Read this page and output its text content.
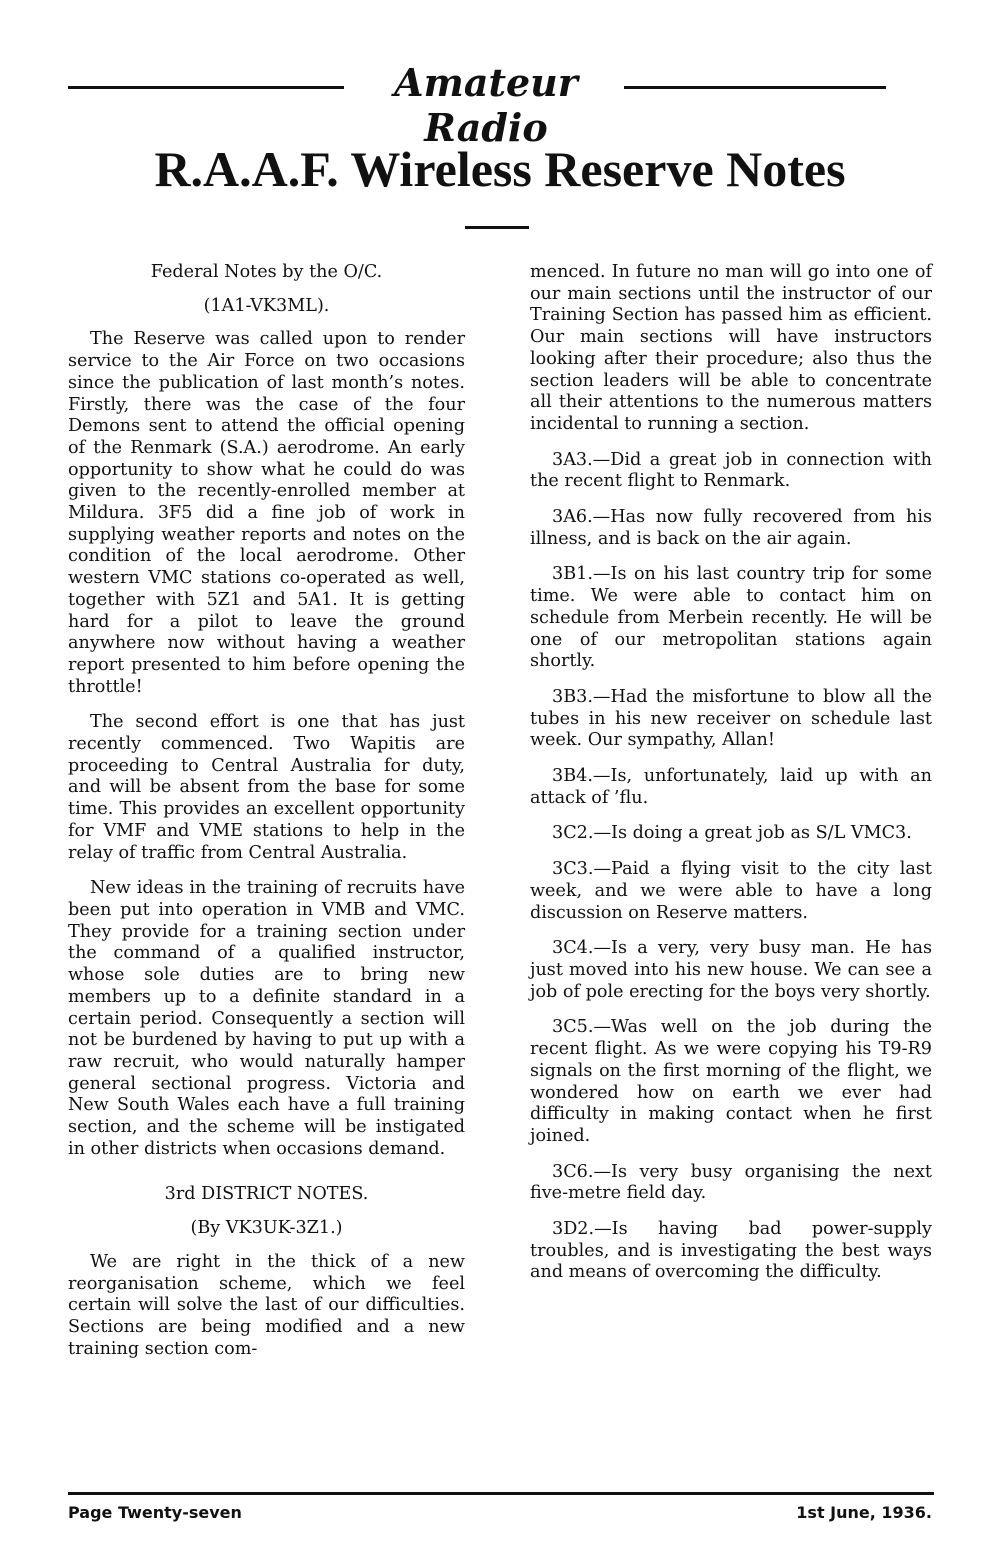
Amateur Radio
R.A.A.F. Wireless Reserve Notes

Federal Notes by the O/C.

(1A1-VK3ML).

The Reserve was called upon to render service to the Air Force on two occasions since the publication of last month’s notes. Firstly, there was the case of the four Demons sent to attend the official opening of the Renmark (S.A.) aerodrome. An early opportunity to show what he could do was given to the recently-enrolled member at Mildura. 3F5 did a fine job of work in supplying weather reports and notes on the condition of the local aerodrome. Other western VMC stations co-operated as well, together with 5Z1 and 5A1. It is getting hard for a pilot to leave the ground anywhere now without having a weather report presented to him before opening the throttle!

The second effort is one that has just recently commenced. Two Wapitis are proceeding to Central Australia for duty, and will be absent from the base for some time. This provides an excellent opportunity for VMF and VME stations to help in the relay of traffic from Central Australia.

New ideas in the training of recruits have been put into operation in VMB and VMC. They provide for a training section under the command of a qualified instructor, whose sole duties are to bring new members up to a definite standard in a certain period. Consequently a section will not be burdened by having to put up with a raw recruit, who would naturally hamper general sectional progress. Victoria and New South Wales each have a full training section, and the scheme will be instigated in other districts when occasions demand.

3rd DISTRICT NOTES.

(By VK3UK-3Z1.)

We are right in the thick of a new reorganisation scheme, which we feel certain will solve the last of our difficulties. Sections are being modified and a new training section com-

menced. In future no man will go into one of our main sections until the instructor of our Training Section has passed him as efficient. Our main sections will have instructors looking after their procedure; also thus the section leaders will be able to concentrate all their attentions to the numerous matters incidental to running a section.

3A3.—Did a great job in connection with the recent flight to Renmark.

3A6.—Has now fully recovered from his illness, and is back on the air again.

3B1.—Is on his last country trip for some time. We were able to contact him on schedule from Merbein recently. He will be one of our metropolitan stations again shortly.

3B3.—Had the misfortune to blow all the tubes in his new receiver on schedule last week. Our sympathy, Allan!

3B4.—Is, unfortunately, laid up with an attack of ’flu.

3C2.—Is doing a great job as S/L VMC3.

3C3.—Paid a flying visit to the city last week, and we were able to have a long discussion on Reserve matters.

3C4.—Is a very, very busy man. He has just moved into his new house. We can see a job of pole erecting for the boys very shortly.

3C5.—Was well on the job during the recent flight. As we were copying his T9-R9 signals on the first morning of the flight, we wondered how on earth we ever had difficulty in making contact when he first joined.

3C6.—Is very busy organising the next five-metre field day.

3D2.—Is having bad power-supply troubles, and is investigating the best ways and means of overcoming the difficulty.

Page Twenty-seven	1st June, 1936.
